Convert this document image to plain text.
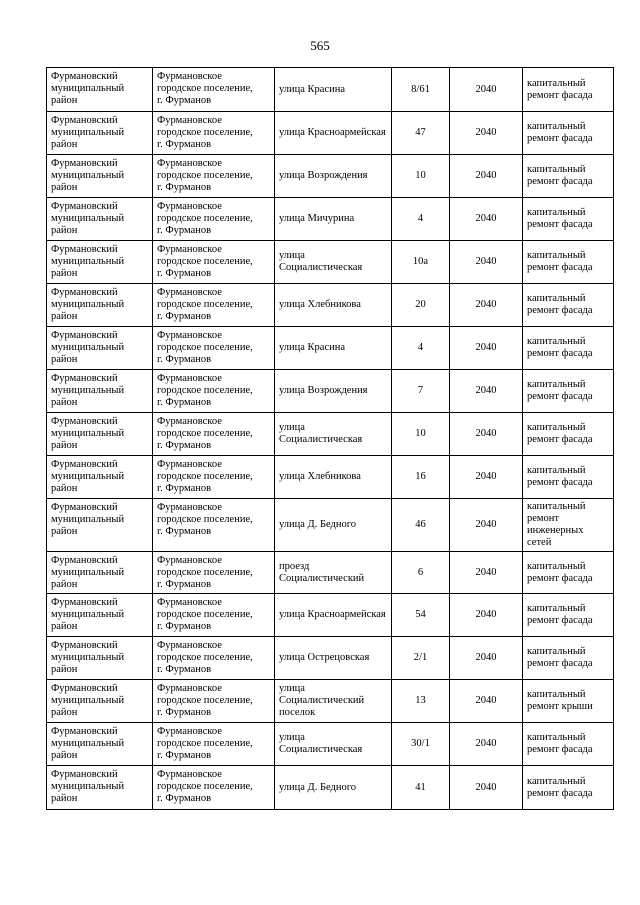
565
Фурмановский
муниципальный
район	Фурмановское
городское поселение,
г. Фурманов	улица Красина	8/61	2040	капитальный ремонт фасада
Фурмановский
муниципальный
район	Фурмановское
городское поселение,
г. Фурманов	улица Красноармейская	47	2040	капитальный ремонт фасада
Фурмановский
муниципальный
район	Фурмановское
городское поселение,
г. Фурманов	улица Возрождения	10	2040	капитальный ремонт фасада
Фурмановский
муниципальный
район	Фурмановское
городское поселение,
г. Фурманов	улица Мичурина	4	2040	капитальный ремонт фасада
Фурмановский
муниципальный
район	Фурмановское
городское поселение,
г. Фурманов	улица Социалистическая	10а	2040	капитальный ремонт фасада
Фурмановский
муниципальный
район	Фурмановское
городское поселение,
г. Фурманов	улица Хлебникова	20	2040	капитальный ремонт фасада
Фурмановский
муниципальный
район	Фурмановское
городское поселение,
г. Фурманов	улица Красина	4	2040	капитальный ремонт фасада
Фурмановский
муниципальный
район	Фурмановское
городское поселение,
г. Фурманов	улица Возрождения	7	2040	капитальный ремонт фасада
Фурмановский
муниципальный
район	Фурмановское
городское поселение,
г. Фурманов	улица Социалистическая	10	2040	капитальный ремонт фасада
Фурмановский
муниципальный
район	Фурмановское
городское поселение,
г. Фурманов	улица Хлебникова	16	2040	капитальный ремонт фасада
Фурмановский
муниципальный
район	Фурмановское
городское поселение,
г. Фурманов	улица Д. Бедного	46	2040	капитальный ремонт инженерных сетей
Фурмановский
муниципальный
район	Фурмановское
городское поселение,
г. Фурманов	проезд Социалистический	6	2040	капитальный ремонт фасада
Фурмановский
муниципальный
район	Фурмановское
городское поселение,
г. Фурманов	улица Красноармейская	54	2040	капитальный ремонт фасада
Фурмановский
муниципальный
район	Фурмановское
городское поселение,
г. Фурманов	улица Острецовская	2/1	2040	капитальный ремонт фасада
Фурмановский
муниципальный
район	Фурмановское
городское поселение,
г. Фурманов	улица Социалистический поселок	13	2040	капитальный ремонт крыши
Фурмановский
муниципальный
район	Фурмановское
городское поселение,
г. Фурманов	улица Социалистическая	30/1	2040	капитальный ремонт фасада
Фурмановский
муниципальный
район	Фурмановское
городское поселение,
г. Фурманов	улица Д. Бедного	41	2040	капитальный ремонт фасада
